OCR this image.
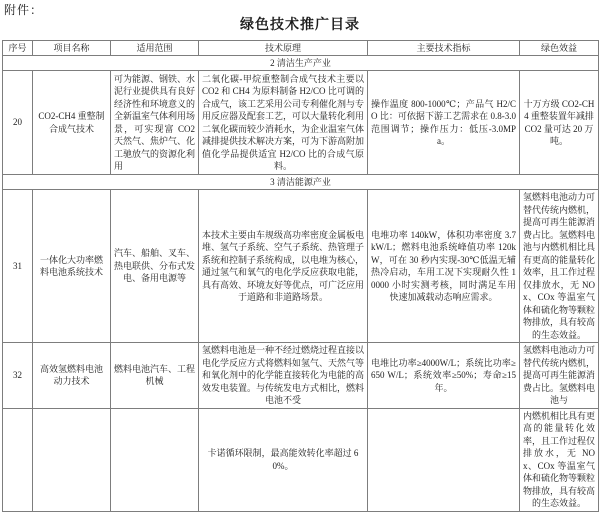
附件：
绿色技术推广目录
序号	项目名称	适用范围	技术原理	主要技术指标	绿色效益
2 清洁生产产业					
20	CO2-CH4 重整制合成气技术	可为能源、钢铁、水泥行业提供具有良好经济性和环境意义的全新温室气体利用场景，可实现富 CO2 天然气、焦炉气、化工驰放气的资源化利用	二氧化碳-甲烷重整制合成气技术主要以 CO2 和 CH4 为原料制备 H2/CO 比可调的合成气，该工艺采用公司专利催化剂与专用反应器及配套工艺，可以大量转化利用二氧化碳而较少消耗水，为企业温室气体减排提供技术解决方案，可为下游高附加值化学品提供适宜 H2/CO 比的合成气原料。	操作温度 800-1000℃；产品气 H2/CO 比：可依据下游工艺需求在 0.8-3.0 范围调节；操作压力：低压-3.0MPa。	十万方级 CO2-CH4 重整装置年减排 CO2 量可达 20 万吨。
3 清洁能源产业					
31	一体化大功率燃料电池系统技术	汽车、船舶、叉车、热电联供、分布式发电、备用电源等	本技术主要由车规级高功率密度金属板电堆、氢气子系统、空气子系统、热管理子系统和控制子系统构成，以电堆为核心，通过氢气和氧气的电化学反应获取电能，具有高效、环境友好等优点，可广泛应用于道路和非道路场景。	电堆功率 140kW，体积功率密度 3.7kW/L；燃料电池系统峰值功率 120kW，可在 30 秒内实现-30℃低温无辅热冷启动，车用工况下实现耐久性 10000 小时实测考核，同时满足车用快速加减载动态响应需求。	氢燃料电池动力可替代传统内燃机，提高可再生能源消费占比。氢燃料电池与内燃机相比具有更高的能量转化效率，且工作过程仅排放水，无 NOx、COx 等温室气体和硫化物等颗粒物排放，具有较高的生态效益。
32	高效氢燃料电池动力技术	燃料电池汽车、工程机械	氢燃料电池是一种不经过燃烧过程直接以电化学反应方式将燃料如氢气、天然气等和氧化剂中的化学能直接转化为电能的高效发电装置。与传统发电方式相比，燃料电池不受	电堆比功率≥4000W/L；系统比功率≥650 W/L；系统效率≥50%；寿命≥15 年。	氢燃料电池动力可替代传统内燃机，提高可再生能源消费占比。氢燃料电池与
			卡诺循环限制，最高能效转化率超过 60%。		内燃机相比具有更高的能量转化效率，且工作过程仅排放水，无 NOx、COx 等温室气体和硫化物等颗粒物排放，具有较高的生态效益。
